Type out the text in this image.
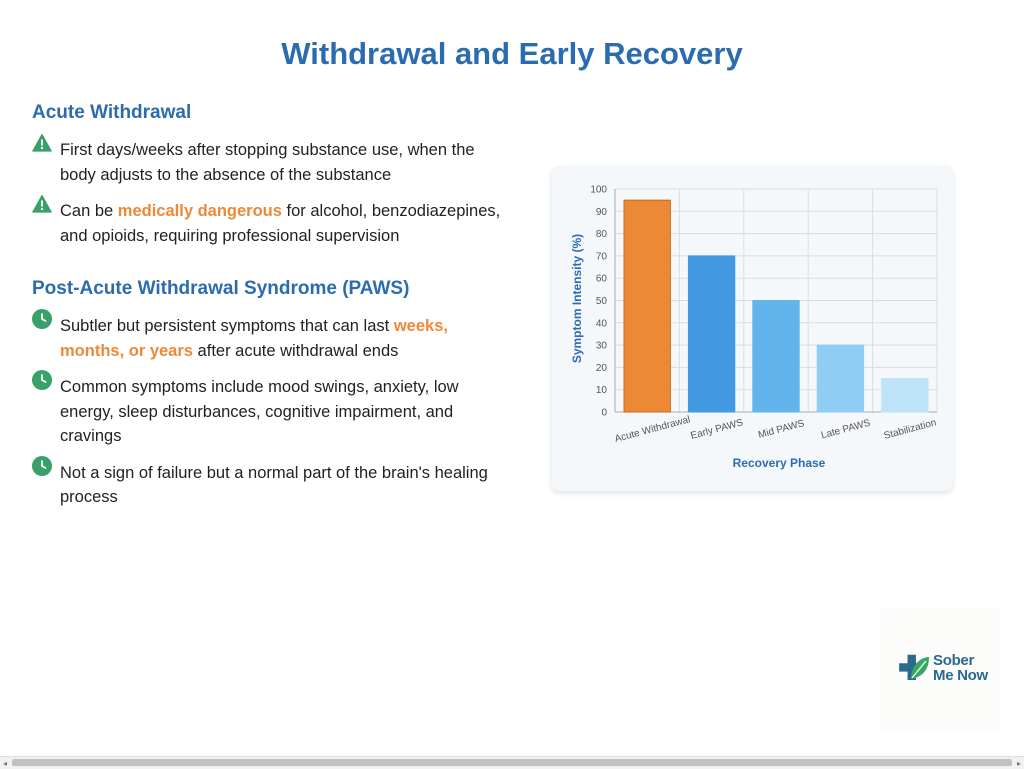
Withdrawal and Early Recovery
Acute Withdrawal
First days/weeks after stopping substance use, when the body adjusts to the absence of the substance
Can be medically dangerous for alcohol, benzodiazepines, and opioids, requiring professional supervision
Post-Acute Withdrawal Syndrome (PAWS)
Subtler but persistent symptoms that can last weeks, months, or years after acute withdrawal ends
Common symptoms include mood swings, anxiety, low energy, sleep disturbances, cognitive impairment, and cravings
Not a sign of failure but a normal part of the brain's healing process
0
10
20
30
40
50
60
70
80
90
100
Acute Withdrawal
Early PAWS Mid PAWS Late PAWS Stabilization
Recovery Phase
Symptom Intensity (%)
Sober
Me Now
◂	▸
